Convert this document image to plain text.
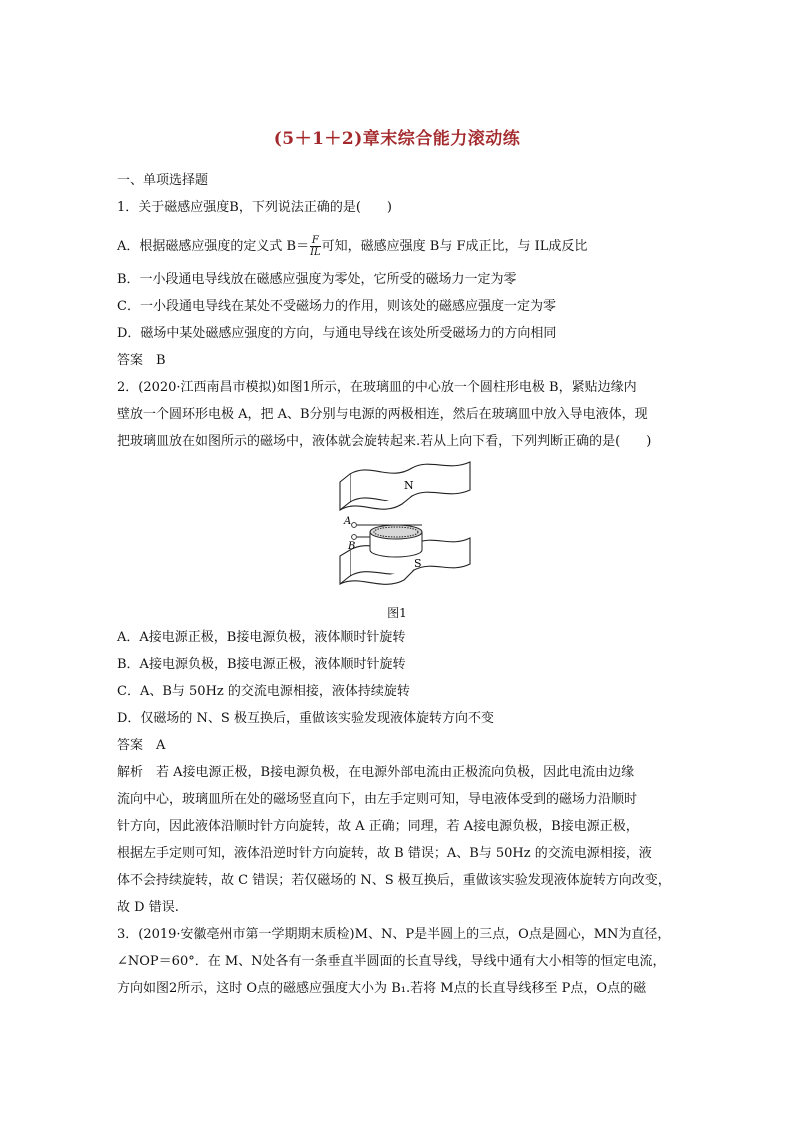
(5＋1＋2)章末综合能力滚动练
一、单项选择题
1．关于磁感应强度B，下列说法正确的是(　　)
A．根据磁感应强度的定义式 $B= \frac{F}{IL}$ 可知，磁感应强度 B与 F成正比，与 IL成反比
B．一小段通电导线放在磁感应强度为零处，它所受的磁场力一定为零
C．一小段通电导线在某处不受磁场力的作用，则该处的磁感应强度一定为零
D．磁场中某处磁感应强度的方向，与通电导线在该处所受磁场力的方向相同
答案　B
2．(2020·江西南昌市模拟)如图1所示，在玻璃皿的中心放一个圆柱形电极 B，紧贴边缘内
壁放一个圆环形电极 A，把 A、B分别与电源的两极相连，然后在玻璃皿中放入导电液体，现
把玻璃皿放在如图所示的磁场中，液体就会旋转起来.若从上向下看，下列判断正确的是(　　)
N
S
A
B
图1
A．A接电源正极，B接电源负极，液体顺时针旋转
B．A接电源负极，B接电源正极，液体顺时针旋转
C．A、B与 50Hz 的交流电源相接，液体持续旋转
D．仅磁场的 N、S 极互换后，重做该实验发现液体旋转方向不变
答案　A
解析　若 A接电源正极，B接电源负极，在电源外部电流由正极流向负极，因此电流由边缘
流向中心，玻璃皿所在处的磁场竖直向下，由左手定则可知，导电液体受到的磁场力沿顺时
针方向，因此液体沿顺时针方向旋转，故 A 正确；同理，若 A接电源负极，B接电源正极，
根据左手定则可知，液体沿逆时针方向旋转，故 B 错误；A、B与 50Hz 的交流电源相接，液
体不会持续旋转，故 C 错误；若仅磁场的 N、S 极互换后，重做该实验发现液体旋转方向改变，
故 D 错误.
3．(2019·安徽亳州市第一学期期末质检)M、N、P是半圆上的三点，O点是圆心，MN为直径，
∠NOP＝60°．在 M、N处各有一条垂直半圆面的长直导线，导线中通有大小相等的恒定电流，
方向如图2所示，这时 O点的磁感应强度大小为 B₁.若将 M点的长直导线移至 P点，O点的磁
